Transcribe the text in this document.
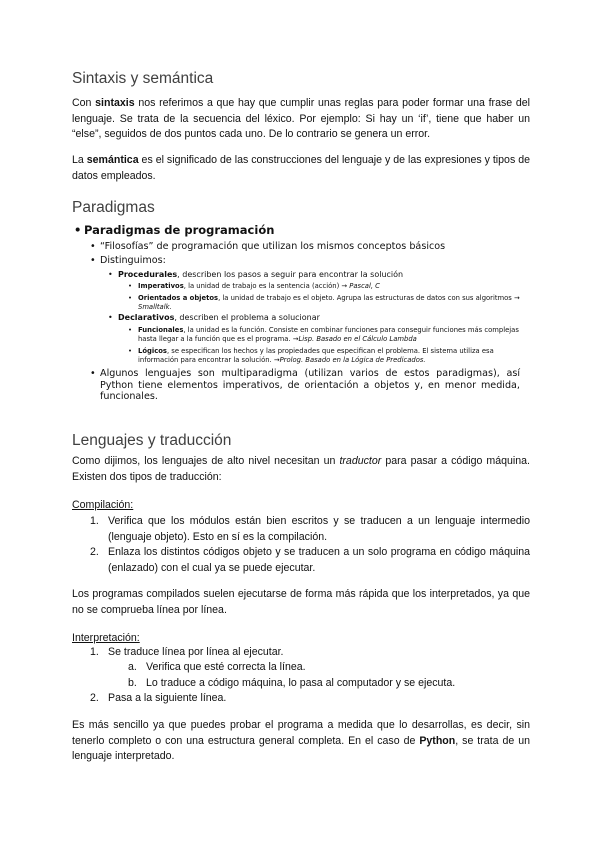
Sintaxis y semántica

Con sintaxis nos referimos a que hay que cumplir unas reglas para poder formar una frase del lenguaje. Se trata de la secuencia del léxico. Por ejemplo: Si hay un ‘if’, tiene que haber un “else”, seguidos de dos puntos cada uno. De lo contrario se genera un error.

La semántica es el significado de las construcciones del lenguaje y de las expresiones y tipos de datos empleados.

Paradigmas
• Paradigmas de programación
• “Filosofías” de programación que utilizan los mismos conceptos básicos
• Distinguimos:
• Procedurales, describen los pasos a seguir para encontrar la solución
• Imperativos, la unidad de trabajo es la sentencia (acción) → Pascal, C
• Orientados a objetos, la unidad de trabajo es el objeto. Agrupa las estructuras de datos con sus algoritmos → Smalltalk.
• Declarativos, describen el problema a solucionar
• Funcionales, la unidad es la función. Consiste en combinar funciones para conseguir funciones más complejas hasta llegar a la función que es el programa. →Lisp. Basado en el Cálculo Lambda
• Lógicos, se especifican los hechos y las propiedades que especifican el problema. El sistema utiliza esa información para encontrar la solución. →Prolog. Basado en la Lógica de Predicados.
• Algunos lenguajes son multiparadigma (utilizan varios de estos paradigmas), así Python tiene elementos imperativos, de orientación a objetos y, en menor medida, funcionales.
Lenguajes y traducción

Como dijimos, los lenguajes de alto nivel necesitan un traductor para pasar a código máquina. Existen dos tipos de traducción:

Compilación:
1. Verifica que los módulos están bien escritos y se traducen a un lenguaje intermedio (lenguaje objeto). Esto en sí es la compilación.
2. Enlaza los distintos códigos objeto y se traducen a un solo programa en código máquina (enlazado) con el cual ya se puede ejecutar.

Los programas compilados suelen ejecutarse de forma más rápida que los interpretados, ya que no se comprueba línea por línea.

Interpretación:
1. Se traduce línea por línea al ejecutar.
a. Verifica que esté correcta la línea.
b. Lo traduce a código máquina, lo pasa al computador y se ejecuta.
2. Pasa a la siguiente línea.

Es más sencillo ya que puedes probar el programa a medida que lo desarrollas, es decir, sin tenerlo completo o con una estructura general completa. En el caso de Python, se trata de un lenguaje interpretado.
